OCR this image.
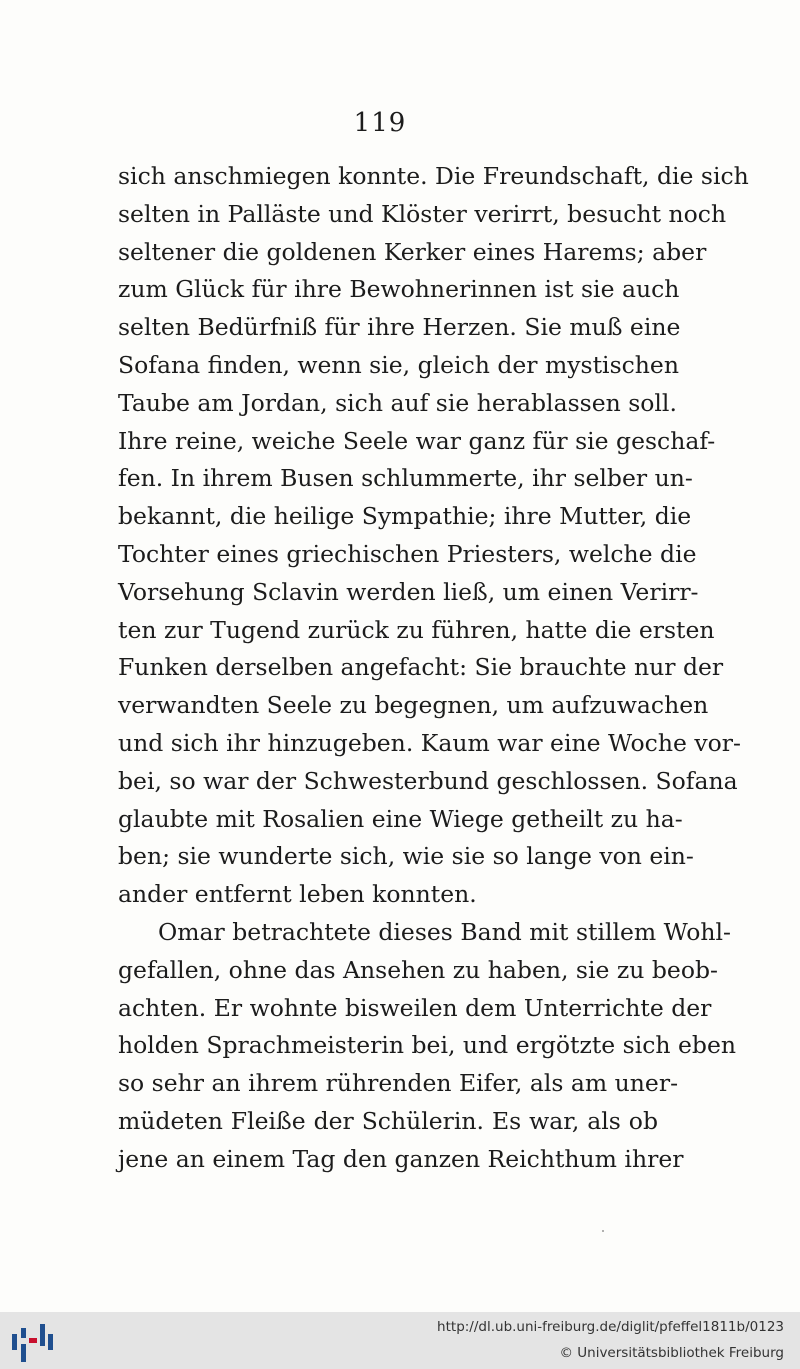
119
sich anschmiegen konnte. Die Freundschaft, die sich
selten in Palläste und Klöster verirrt, besucht noch
seltener die goldenen Kerker eines Harems; aber
zum Glück für ihre Bewohnerinnen ist sie auch
selten Bedürfniß für ihre Herzen. Sie muß eine
Sofana finden, wenn sie, gleich der mystischen
Taube am Jordan, sich auf sie herablassen soll.
Ihre reine, weiche Seele war ganz für sie geschaf-
fen. In ihrem Busen schlummerte, ihr selber un-
bekannt, die heilige Sympathie; ihre Mutter, die
Tochter eines griechischen Priesters, welche die
Vorsehung Sclavin werden ließ, um einen Verirr-
ten zur Tugend zurück zu führen, hatte die ersten
Funken derselben angefacht: Sie brauchte nur der
verwandten Seele zu begegnen, um aufzuwachen
und sich ihr hinzugeben. Kaum war eine Woche vor-
bei, so war der Schwesterbund geschlossen. Sofana
glaubte mit Rosalien eine Wiege getheilt zu ha-
ben; sie wunderte sich, wie sie so lange von ein-
ander entfernt leben konnten.
Omar betrachtete dieses Band mit stillem Wohl-
gefallen, ohne das Ansehen zu haben, sie zu beob-
achten. Er wohnte bisweilen dem Unterrichte der
holden Sprachmeisterin bei, und ergötzte sich eben
so sehr an ihrem rührenden Eifer, als am uner-
müdeten Fleiße der Schülerin. Es war, als ob
jene an einem Tag den ganzen Reichthum ihrer
http://dl.ub.uni-freiburg.de/diglit/pfeffel1811b/0123
© Universitätsbibliothek Freiburg
